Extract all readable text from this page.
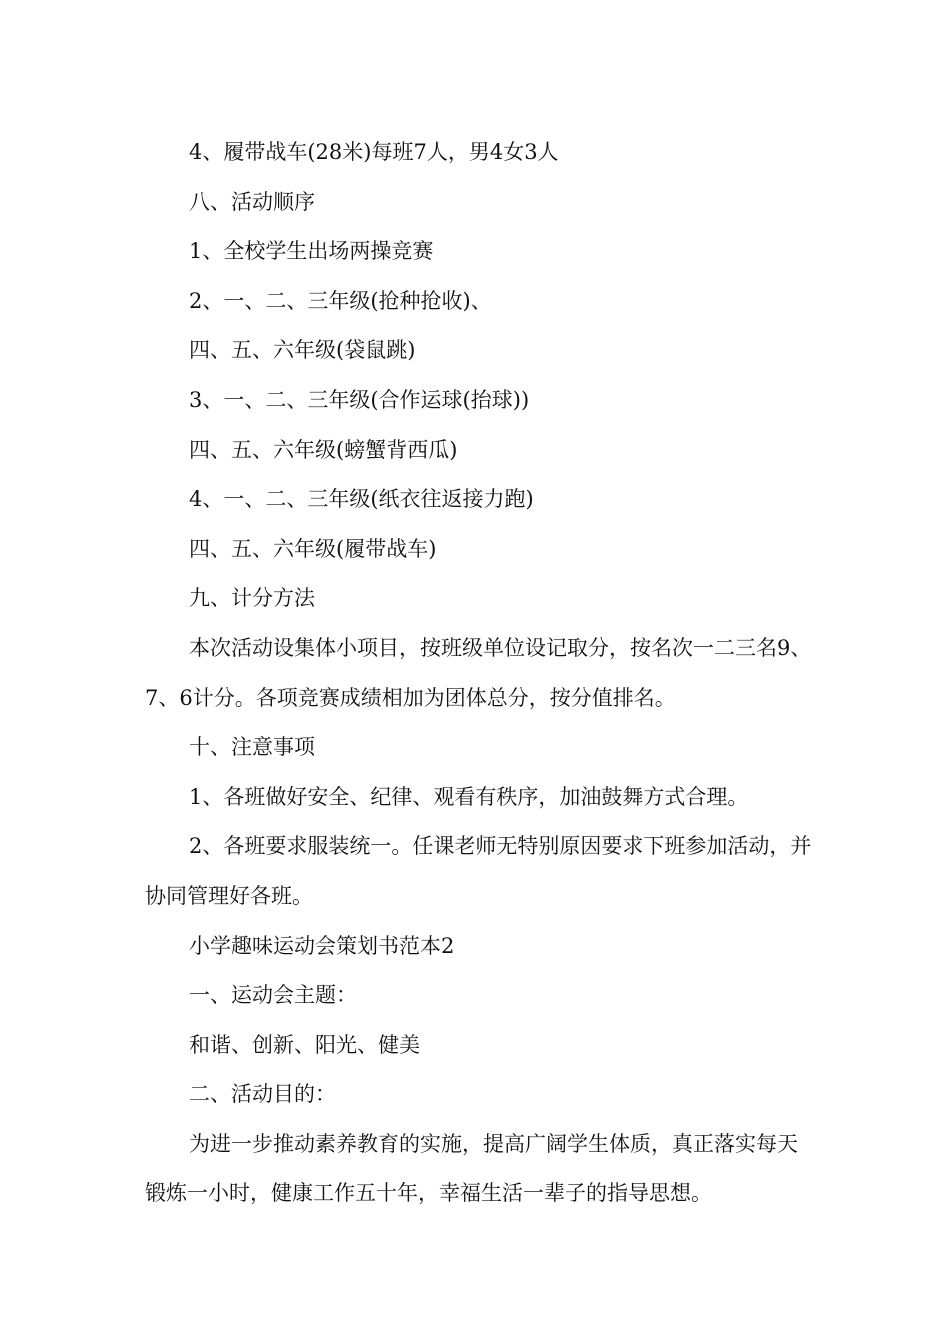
4、履带战车(28米)每班7人，男4女3人

八、活动顺序

1、全校学生出场两操竞赛

2、一、二、三年级(抢种抢收)、

四、五、六年级(袋鼠跳)

3、一、二、三年级(合作运球(抬球))

四、五、六年级(螃蟹背西瓜)

4、一、二、三年级(纸衣往返接力跑)

四、五、六年级(履带战车)

九、计分方法

本次活动设集体小项目，按班级单位设记取分，按名次一二三名9、7、6计分。各项竞赛成绩相加为团体总分，按分值排名。

十、注意事项

1、各班做好安全、纪律、观看有秩序，加油鼓舞方式合理。

2、各班要求服装统一。任课老师无特别原因要求下班参加活动，并协同管理好各班。

小学趣味运动会策划书范本2

一、运动会主题：

和谐、创新、阳光、健美

二、活动目的：

为进一步推动素养教育的实施，提高广阔学生体质，真正落实每天锻炼一小时，健康工作五十年，幸福生活一辈子的指导思想。
